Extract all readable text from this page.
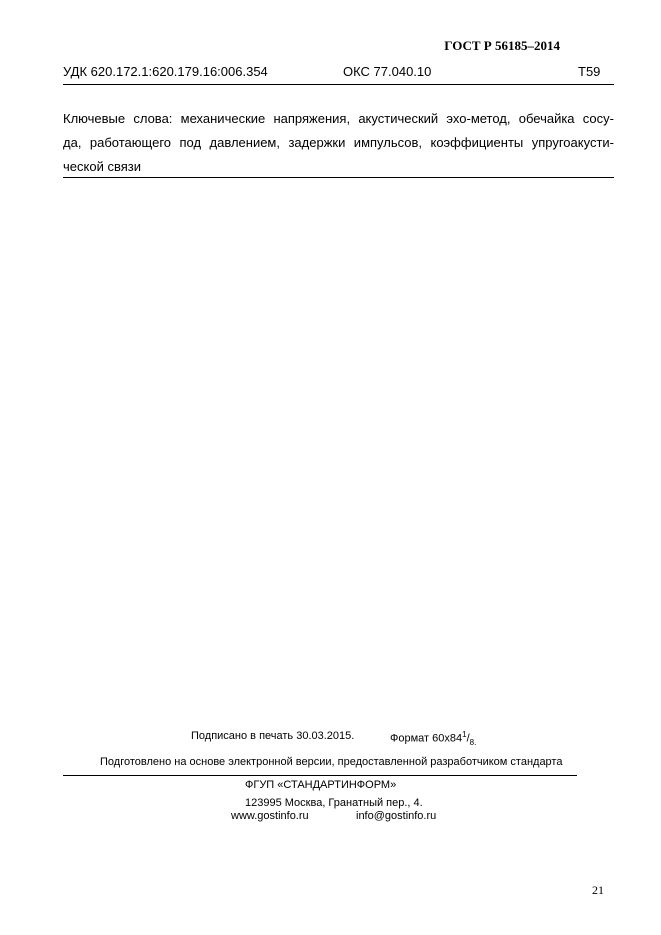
ГОСТ Р 56185–2014
УДК 620.172.1:620.179.16:006.354	ОКС 77.040.10	Т59
Ключевые слова: механические напряжения, акустический эхо-метод, обечайка сосу-
да, работающего под давлением, задержки импульсов, коэффициенты упругоакусти-
ческой связи
Подписано в печать 30.03.2015.	Формат $60х84^1/_{8.}$
Подготовлено на основе электронной версии, предоставленной разработчиком стандарта
ФГУП «СТАНДАРТИНФОРМ»
123995 Москва, Гранатный пер., 4.
www.gostinfo.ru	info@gostinfo.ru
21
